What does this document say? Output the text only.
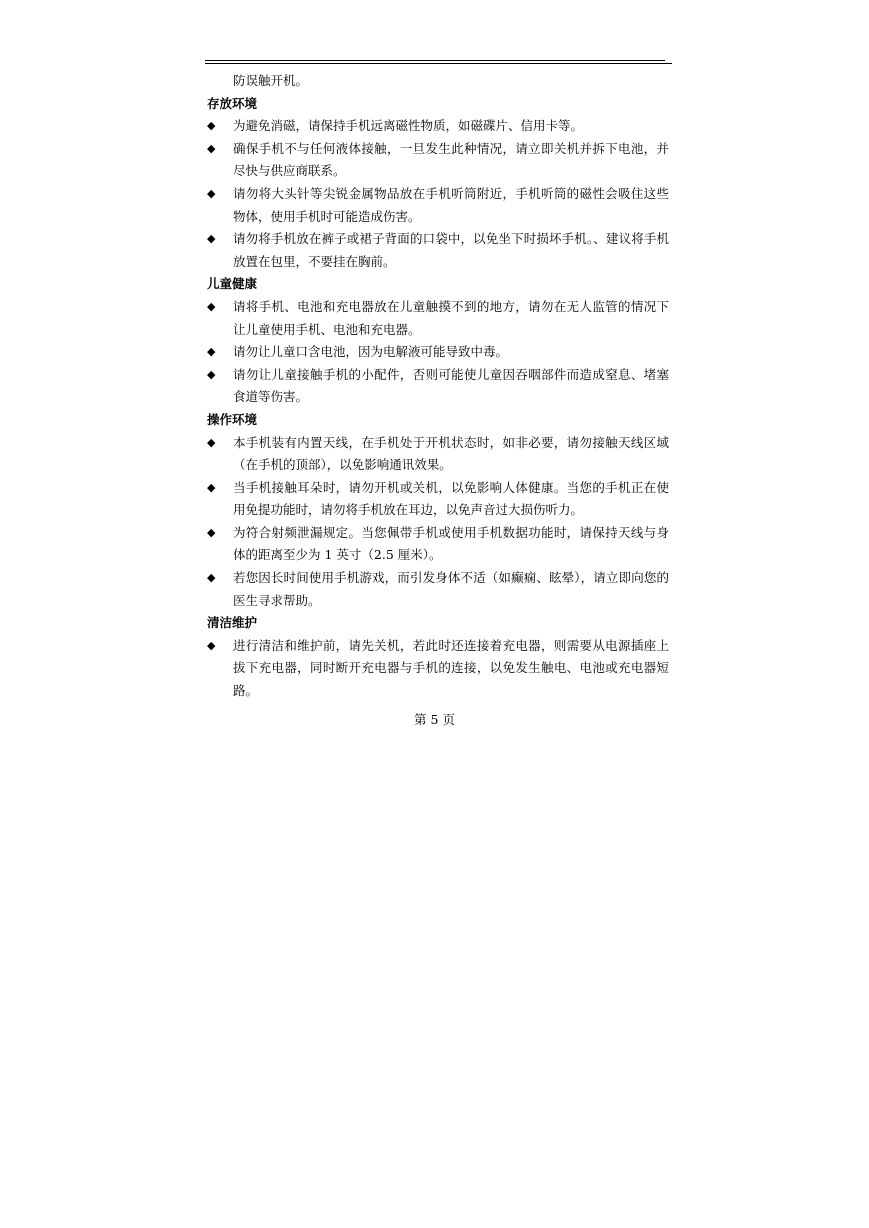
防误触开机。
存放环境
◆ 为避免消磁，请保持手机远离磁性物质，如磁碟片、信用卡等。
◆ 确保手机不与任何液体接触，一旦发生此种情况，请立即关机并拆下电池，并尽快与供应商联系。
◆ 请勿将大头针等尖锐金属物品放在手机听筒附近，手机听筒的磁性会吸住这些物体，使用手机时可能造成伤害。
◆ 请勿将手机放在裤子或裙子背面的口袋中，以免坐下时损坏手机。、建议将手机放置在包里，不要挂在胸前。
儿童健康
◆ 请将手机、电池和充电器放在儿童触摸不到的地方，请勿在无人监管的情况下让儿童使用手机、电池和充电器。
◆ 请勿让儿童口含电池，因为电解液可能导致中毒。
◆ 请勿让儿童接触手机的小配件，否则可能使儿童因吞咽部件而造成窒息、堵塞食道等伤害。
操作环境
◆ 本手机装有内置天线，在手机处于开机状态时，如非必要，请勿接触天线区域（在手机的顶部），以免影响通讯效果。
◆ 当手机接触耳朵时，请勿开机或关机，以免影响人体健康。当您的手机正在使用免提功能时，请勿将手机放在耳边，以免声音过大损伤听力。
◆ 为符合射频泄漏规定。当您佩带手机或使用手机数据功能时，请保持天线与身体的距离至少为 1 英寸（2.5 厘米）。
◆ 若您因长时间使用手机游戏，而引发身体不适（如癫痫、眩晕），请立即向您的医生寻求帮助。
清洁维护
◆ 进行清洁和维护前，请先关机，若此时还连接着充电器，则需要从电源插座上拔下充电器，同时断开充电器与手机的连接，以免发生触电、电池或充电器短路。
第 5 页
